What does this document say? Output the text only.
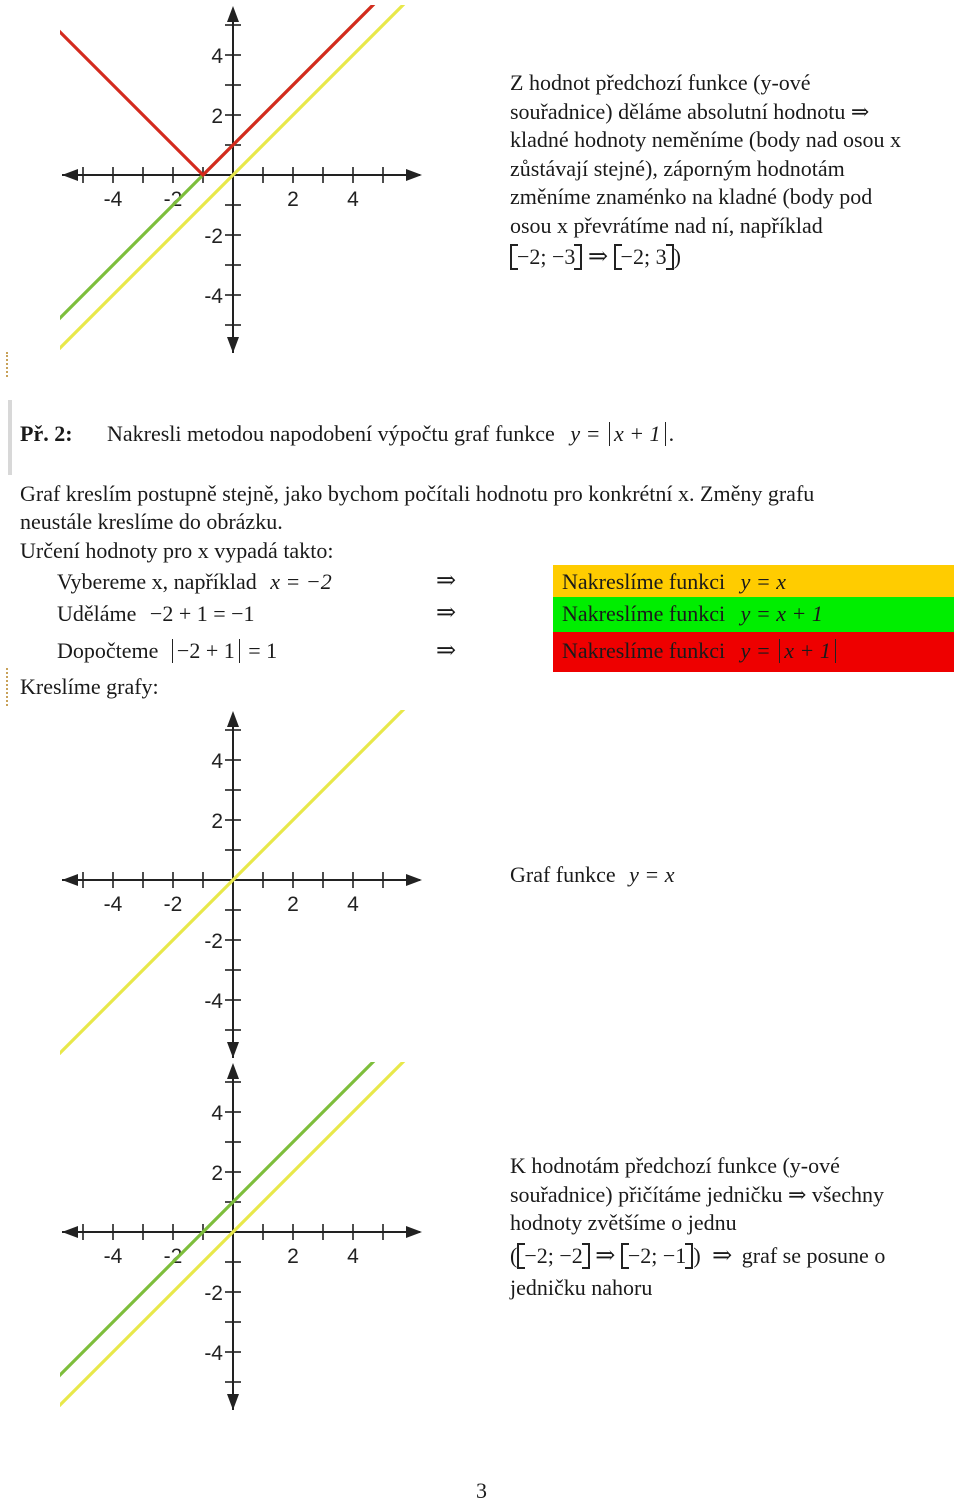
-4 -2	2 4
4
2
-2
-4
Z hodnot předchozí funkce (y-ové
souřadnice) děláme absolutní hodnotu ⇒
kladné hodnoty neměníme (body nad osou x
zůstávají stejné), záporným hodnotám
změníme znaménko na kladné (body pod
osou x převrátíme nad ní, například
−2; −3 ⇒ −2; 3 )
Př. 2: Nakresli metodou napodobení výpočtu graf funkce y = x + 1 .
Graf kreslím postupně stejně, jako bychom počítali hodnotu pro konkrétní x. Změny grafu
neustále kreslíme do obrázku.
Určení hodnoty pro x vypadá takto:
Vybereme x, například x = −2	⇒	Nakreslíme funkci y = x
Uděláme −2 + 1 = −1	⇒	Nakreslíme funkci y = x + 1
Dopočteme −2 + 1 = 1	⇒	Nakreslíme funkci y = x + 1
Kreslíme grafy:
-4 -2	2 4
4
2
-2
-4
Graf funkce y = x
-4 -2	2 4
4
2
-2
-4
K hodnotám předchozí funkce (y-ové
souřadnice) přičítáme jedničku ⇒ všechny
hodnoty zvětšíme o jednu
( −2; −2 ⇒ −2; −1 ) ⇒ graf se posune o
jedničku nahoru
3
